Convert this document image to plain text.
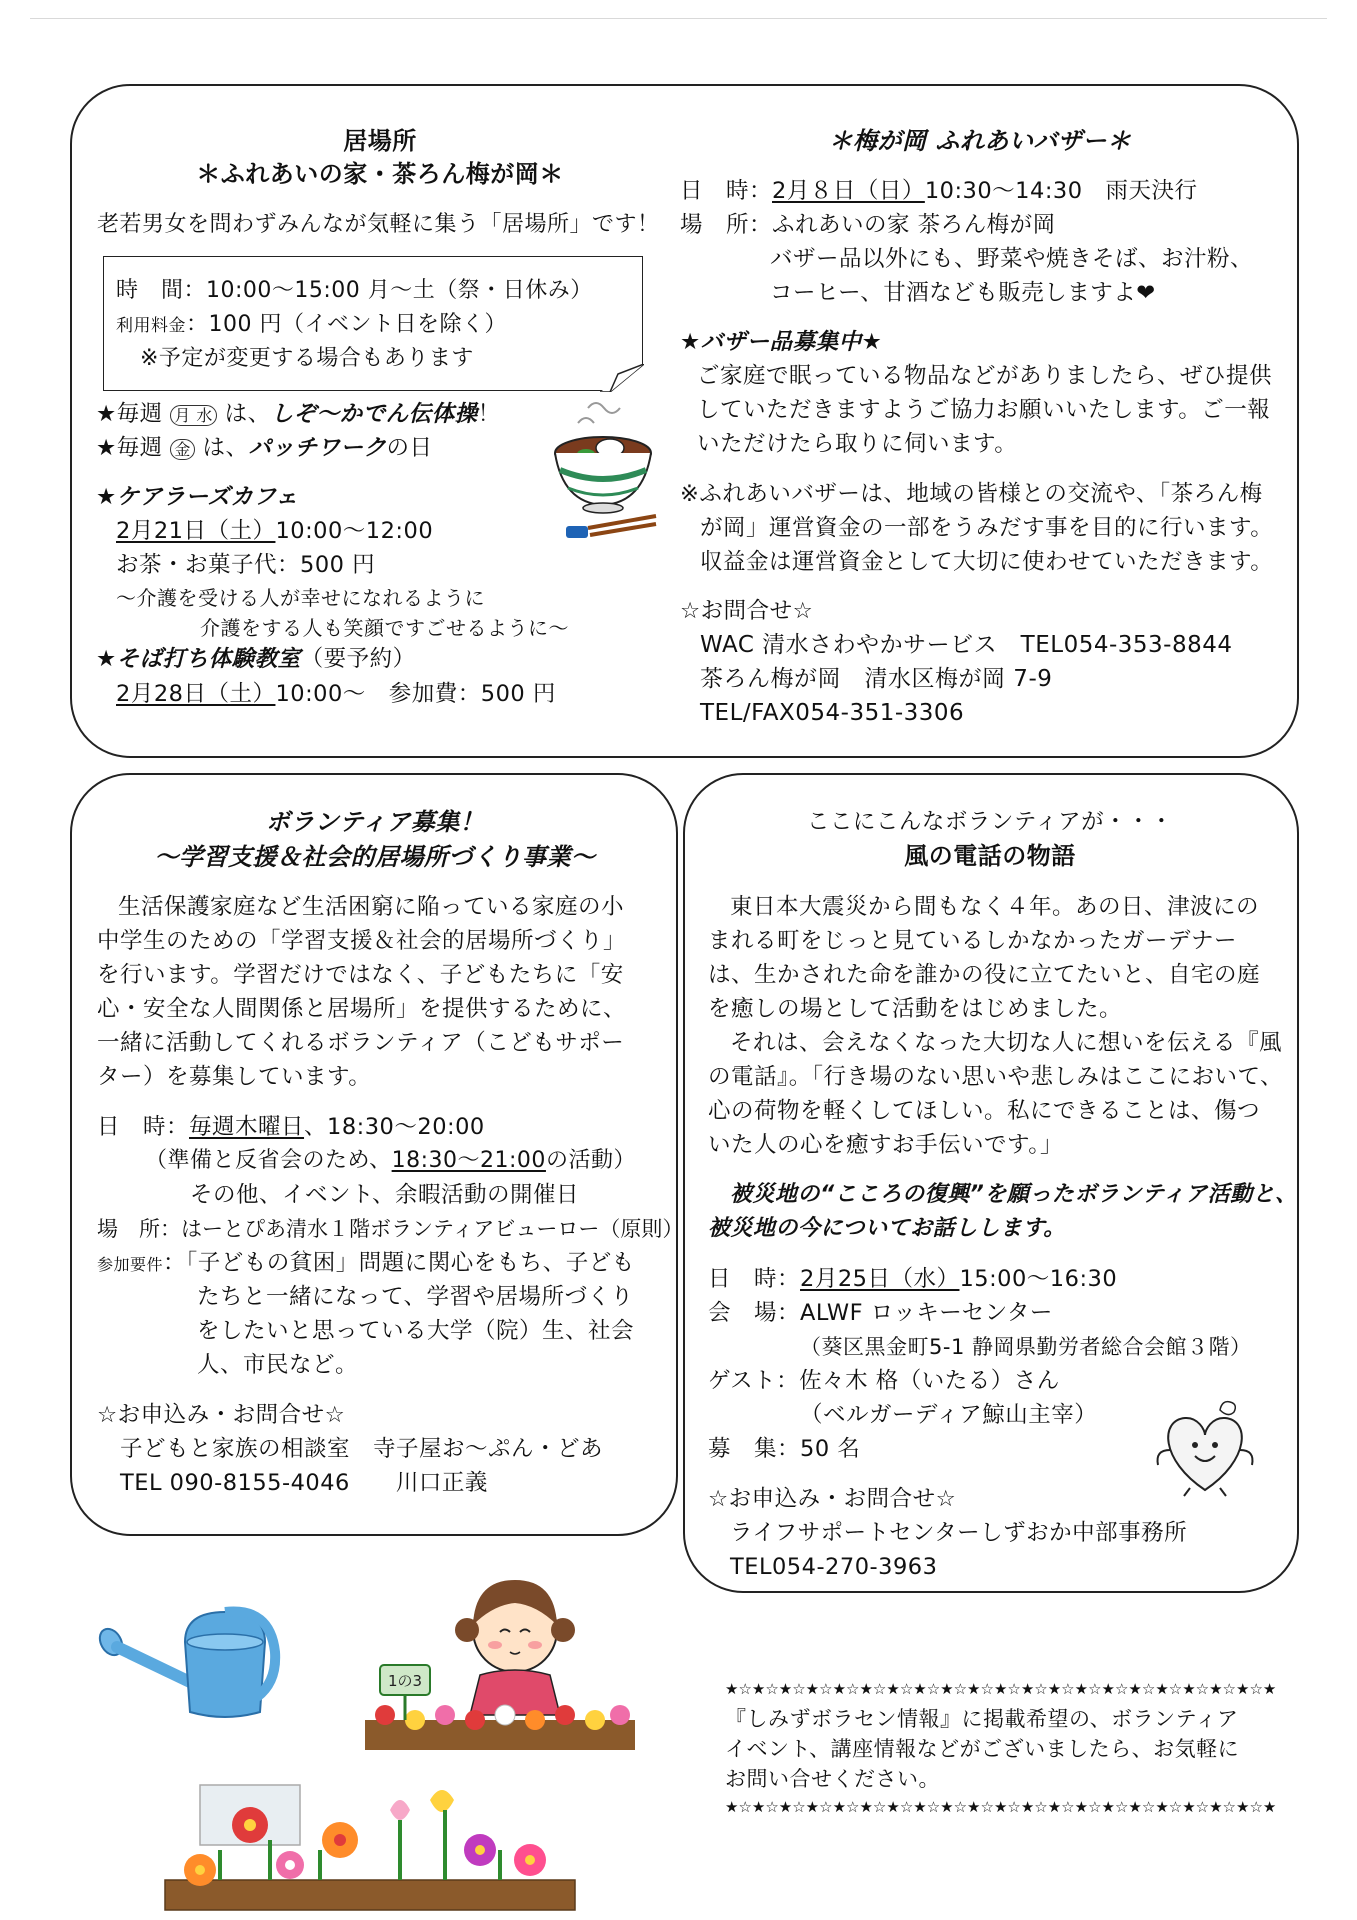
居場所
＊ふれあいの家・茶ろん梅が岡＊
老若男女を問わずみんなが気軽に集う「居場所」です！
時　間：10:00～15:00 月～土（祭・日休み）
利用料金：100 円（イベント日を除く）
※予定が変更する場合もあります
★毎週 月 水 は、しぞ～かでん伝体操！
★毎週 金 は、パッチワークの日
★ケアラーズカフェ
2月21日（土）10:00～12:00
お茶・お菓子代：500 円
～介護を受ける人が幸せになれるように
介護をする人も笑顔ですごせるように～
★そば打ち体験教室（要予約）
2月28日（土）10:00～　参加費：500 円
＊梅が岡 ふれあいバザー＊
日　時：2月８日（日）10:30～14:30　雨天決行
場　所：ふれあいの家 茶ろん梅が岡
バザー品以外にも、野菜や焼きそば、お汁粉、
コーヒー、甘酒なども販売しますよ❤
★バザー品募集中★
ご家庭で眠っている物品などがありましたら、ぜひ提供
していただきますようご協力お願いいたします。ご一報
いただけたら取りに伺います。
※ふれあいバザーは、地域の皆様との交流や、「茶ろん梅
が岡」運営資金の一部をうみだす事を目的に行います。
収益金は運営資金として大切に使わせていただきます。
☆お問合せ☆
WAC 清水さわやかサービス　TEL054-353-8844
茶ろん梅が岡　清水区梅が岡 7-9
TEL/FAX054-351-3306
ボランティア募集！
～学習支援＆社会的居場所づくり事業～
生活保護家庭など生活困窮に陥っている家庭の小
中学生のための「学習支援＆社会的居場所づくり」
を行います。学習だけではなく、子どもたちに「安
心・安全な人間関係と居場所」を提供するために、
一緒に活動してくれるボランティア（こどもサポー
ター）を募集しています。
日　時：毎週木曜日、18:30～20:00
（準備と反省会のため、18:30～21:00の活動）
その他、イベント、余暇活動の開催日
場　所：はーとぴあ清水１階ボランティアビューロー（原則）
参加要件：「子どもの貧困」問題に関心をもち、子ども
たちと一緒になって、学習や居場所づくり
をしたいと思っている大学（院）生、社会
人、市民など。
☆お申込み・お問合せ☆
子どもと家族の相談室　寺子屋お～ぷん・どあ
TEL 090-8155-4046　　川口正義
ここにこんなボランティアが・・・
風の電話の物語
東日本大震災から間もなく４年。あの日、津波にの
まれる町をじっと見ているしかなかったガーデナー
は、生かされた命を誰かの役に立てたいと、自宅の庭
を癒しの場として活動をはじめました。
それは、会えなくなった大切な人に想いを伝える『風
の電話』。「行き場のない思いや悲しみはここにおいて、
心の荷物を軽くしてほしい。私にできることは、傷つ
いた人の心を癒すお手伝いです。」
被災地の“こころの復興”を願ったボランティア活動と、
被災地の今についてお話しします。
日　時：2月25日（水）15:00～16:30
会　場：ALWF ロッキーセンター
（葵区黒金町5-1 静岡県勤労者総合会館３階）
ゲスト：佐々木 格（いたる）さん
（ベルガーディア鯨山主宰）
募　集：50 名
☆お申込み・お問合せ☆
ライフサポートセンターしずおか中部事務所
TEL054-270-3963
1の3	★☆★☆★☆★☆★☆★☆★☆★☆★☆★☆★☆★☆★☆★☆★☆★☆★☆★☆★☆★☆★
『しみずボラセン情報』に掲載希望の、ボランティア
イベント、講座情報などがございましたら、お気軽に
お問い合せください。
★☆★☆★☆★☆★☆★☆★☆★☆★☆★☆★☆★☆★☆★☆★☆★☆★☆★☆★☆★☆★
